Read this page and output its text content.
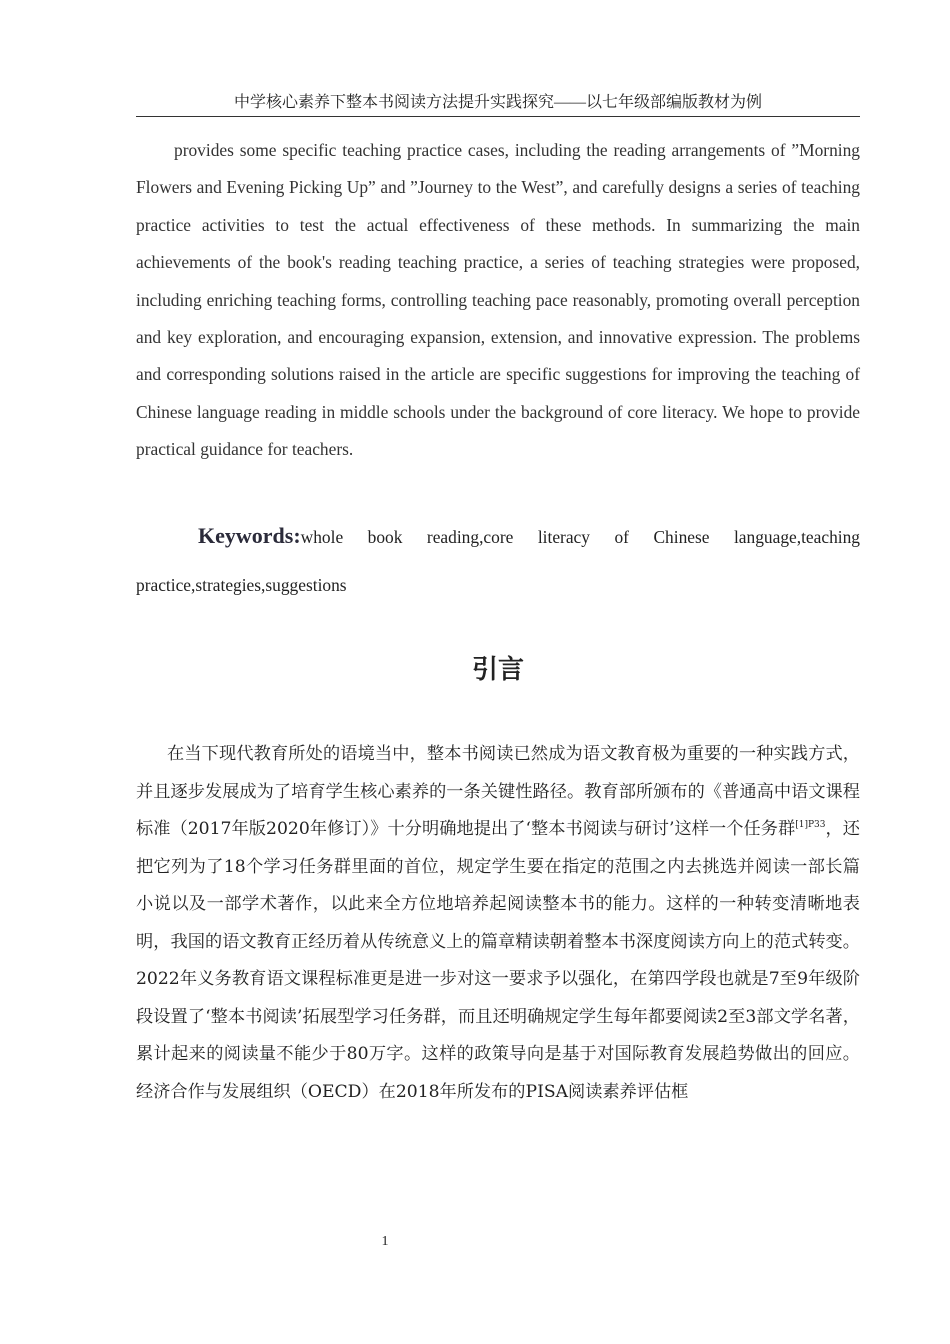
中学核心素养下整本书阅读方法提升实践探究——以七年级部编版教材为例

provides some specific teaching practice cases, including the reading arrangements of ”Morning Flowers and Evening Picking Up” and ”Journey to the West”, and carefully designs a series of teaching practice activities to test the actual effectiveness of these methods. In summarizing the main achievements of the book's reading teaching practice, a series of teaching strategies were proposed, including enriching teaching forms, controlling teaching pace reasonably, promoting overall perception and key exploration, and encouraging expansion, extension, and innovative expression. The problems and corresponding solutions raised in the article are specific suggestions for improving the teaching of Chinese language reading in middle schools under the background of core literacy. We hope to provide practical guidance for teachers.

Keywords:whole book reading,core literacy of Chinese language,teaching practice,strategies,suggestions

引言

在当下现代教育所处的语境当中，整本书阅读已然成为语文教育极为重要的一种实践方式，并且逐步发展成为了培育学生核心素养的一条关键性路径。教育部所颁布的《普通高中语文课程标准（2017年版2020年修订）》十分明确地提出了‘整本书阅读与研讨’这样一个任务群$^{[1]P33}$，还把它列为了18个学习任务群里面的首位，规定学生要在指定的范围之内去挑选并阅读一部长篇小说以及一部学术著作，以此来全方位地培养起阅读整本书的能力。这样的一种转变清晰地表明，我国的语文教育正经历着从传统意义上的篇章精读朝着整本书深度阅读方向上的范式转变。2022年义务教育语文课程标准更是进一步对这一要求予以强化，在第四学段也就是7至9年级阶段设置了‘整本书阅读’拓展型学习任务群，而且还明确规定学生每年都要阅读2至3部文学名著，累计起来的阅读量不能少于80万字。这样的政策导向是基于对国际教育发展趋势做出的回应。经济合作与发展组织（OECD）在2018年所发布的PISA阅读素养评估框

1
